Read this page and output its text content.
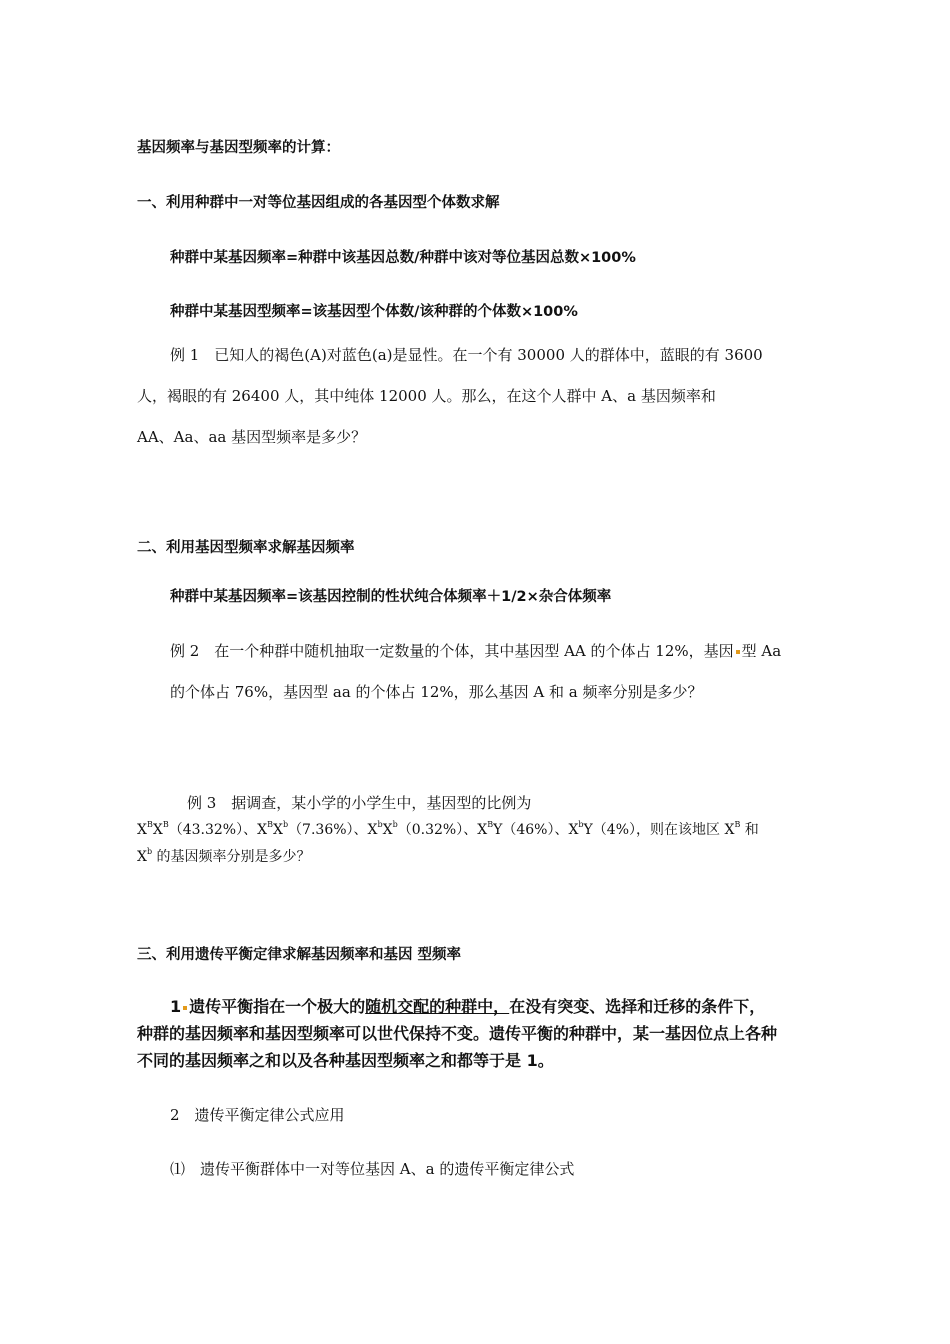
基因频率与基因型频率的计算：
一、利用种群中一对等位基因组成的各基因型个体数求解
种群中某基因频率=种群中该基因总数/种群中该对等位基因总数×100%
种群中某基因型频率=该基因型个体数/该种群的个体数×100%
例 1　已知人的褐色(A)对蓝色(a)是显性。在一个有 30000 人的群体中，蓝眼的有 3600
人，褐眼的有 26400 人，其中纯体 12000 人。那么，在这个人群中 A、a 基因频率和
AA、Aa、aa 基因型频率是多少？
二、利用基因型频率求解基因频率
种群中某基因频率=该基因控制的性状纯合体频率＋1/2×杂合体频率
例 2　在一个种群中随机抽取一定数量的个体，其中基因型 AA 的个体占 12%，基因 型 Aa
的个体占 76%，基因型 aa 的个体占 12%，那么基因 A 和 a 频率分别是多少？
例 3　据调查，某小学的小学生中，基因型的比例为
$X^BX^B(43.32\%)$、$X^BX^b(7.36\%)$、$X^bX^b(0.32\%)$、$X^BY(46\%)$、$X^bY(4\%)$，则在该地区 $X^B$ 和
$X^b$ 的基因频率分别是多少？
三、利用遗传平衡定律求解基因频率和基因 型频率
1 遗传平衡指在一个极大的随机交配的种群中，在没有突变、选择和迁移的条件下，
种群的基因频率和基因型频率可以世代保持不变。遗传平衡的种群中，某一基因位点上各种
不同的基因频率之和以及各种基因型频率之和都等于是 1。
2　遗传平衡定律公式应用
⑴　遗传平衡群体中一对等位基因 A、a 的遗传平衡定律公式
